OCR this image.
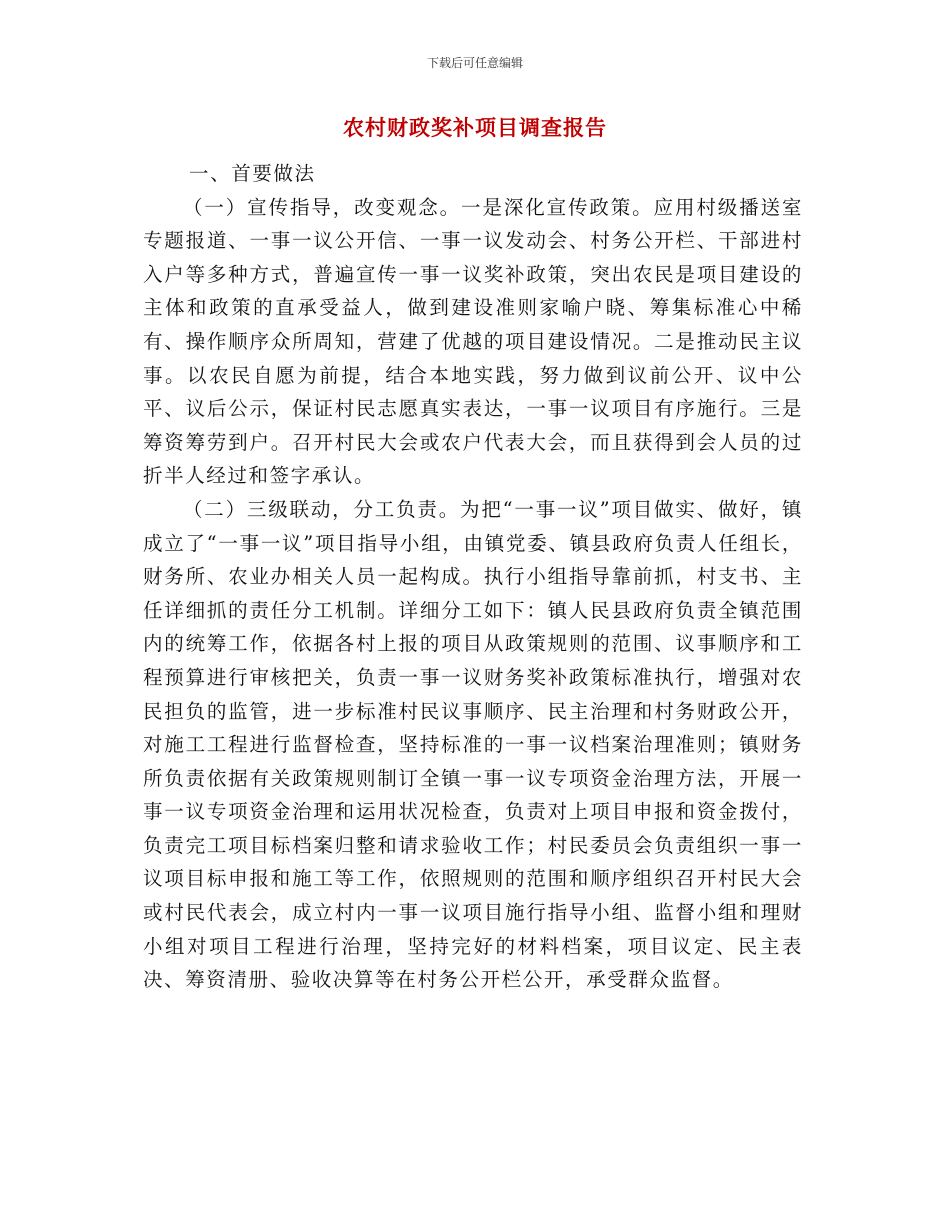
下载后可任意编辑
农村财政奖补项目调查报告

一、首要做法

（一）宣传指导，改变观念。一是深化宣传政策。应用村级播送室专题报道、一事一议公开信、一事一议发动会、村务公开栏、干部进村入户等多种方式，普遍宣传一事一议奖补政策，突出农民是项目建设的主体和政策的直承受益人，做到建设准则家喻户晓、筹集标准心中稀有、操作顺序众所周知，营建了优越的项目建设情况。二是推动民主议事。以农民自愿为前提，结合本地实践，努力做到议前公开、议中公平、议后公示，保证村民志愿真实表达，一事一议项目有序施行。三是筹资筹劳到户。召开村民大会或农户代表大会，而且获得到会人员的过折半人经过和签字承认。

（二）三级联动，分工负责。为把“一事一议”项目做实、做好，镇成立了“一事一议”项目指导小组，由镇党委、镇县政府负责人任组长，财务所、农业办相关人员一起构成。执行小组指导靠前抓，村支书、主任详细抓的责任分工机制。详细分工如下：镇人民县政府负责全镇范围内的统筹工作，依据各村上报的项目从政策规则的范围、议事顺序和工程预算进行审核把关，负责一事一议财务奖补政策标准执行，增强对农民担负的监管，进一步标准村民议事顺序、民主治理和村务财政公开，对施工工程进行监督检查，坚持标准的一事一议档案治理准则；镇财务所负责依据有关政策规则制订全镇一事一议专项资金治理方法，开展一事一议专项资金治理和运用状况检查，负责对上项目申报和资金拨付，负责完工项目标档案归整和请求验收工作；村民委员会负责组织一事一议项目标申报和施工等工作，依照规则的范围和顺序组织召开村民大会或村民代表会，成立村内一事一议项目施行指导小组、监督小组和理财小组对项目工程进行治理，坚持完好的材料档案，项目议定、民主表决、筹资清册、验收决算等在村务公开栏公开，承受群众监督。
